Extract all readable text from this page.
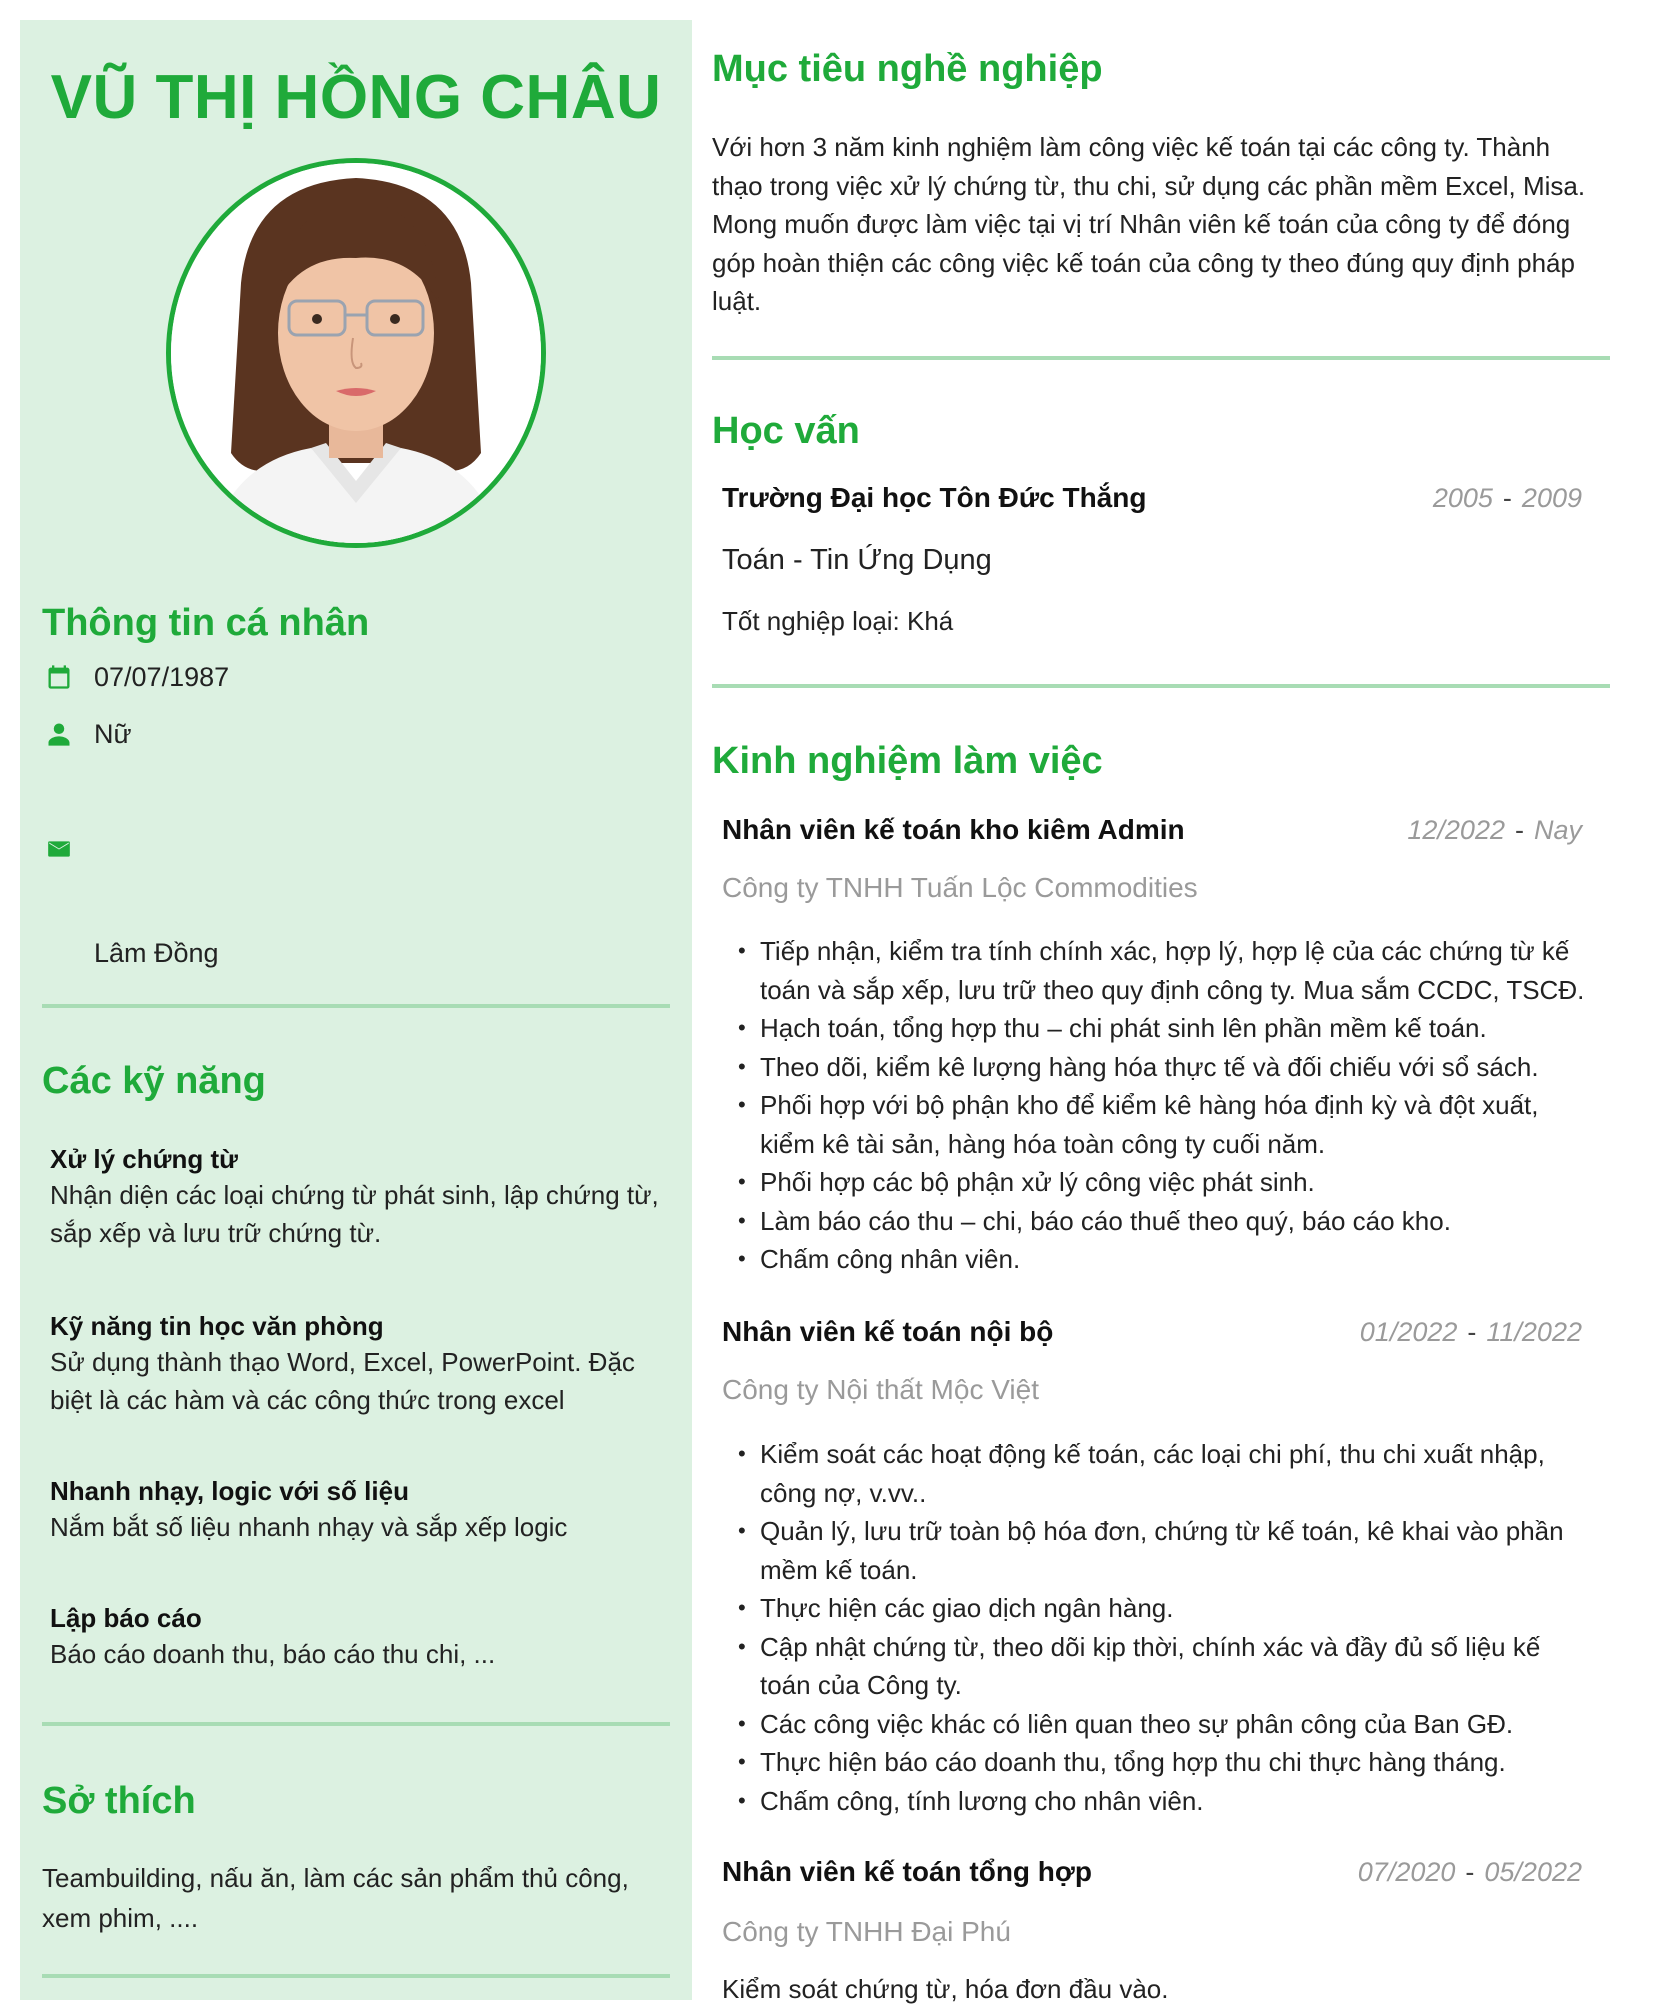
VŨ THỊ HỒNG CHÂU
Thông tin cá nhân
07/07/1987
Nữ
Lâm Đồng
Các kỹ năng
Xử lý chứng từ
Nhận diện các loại chứng từ phát sinh, lập chứng từ, sắp xếp và lưu trữ chứng từ.
Kỹ năng tin học văn phòng
Sử dụng thành thạo Word, Excel, PowerPoint. Đặc biệt là các hàm và các công thức trong excel
Nhanh nhạy, logic với số liệu
Nắm bắt số liệu nhanh nhạy và sắp xếp logic
Lập báo cáo
Báo cáo doanh thu, báo cáo thu chi, ...
Sở thích
Teambuilding, nấu ăn, làm các sản phẩm thủ công, xem phim, ....
Mục tiêu nghề nghiệp
Với hơn 3 năm kinh nghiệm làm công việc kế toán tại các công ty. Thành thạo trong việc xử lý chứng từ, thu chi, sử dụng các phần mềm Excel, Misa. Mong muốn được làm việc tại vị trí Nhân viên kế toán của công ty để đóng góp hoàn thiện các công việc kế toán của công ty theo đúng quy định pháp luật.
Học vấn
Trường Đại học Tôn Đức Thắng	2005 - 2009
Toán - Tin Ứng Dụng
Tốt nghiệp loại: Khá
Kinh nghiệm làm việc
Nhân viên kế toán kho kiêm Admin	12/2022 - Nay
Công ty TNHH Tuấn Lộc Commodities
• Tiếp nhận, kiểm tra tính chính xác, hợp lý, hợp lệ của các chứng từ kế toán và sắp xếp, lưu trữ theo quy định công ty. Mua sắm CCDC, TSCĐ.
• Hạch toán, tổng hợp thu – chi phát sinh lên phần mềm kế toán.
• Theo dõi, kiểm kê lượng hàng hóa thực tế và đối chiếu với sổ sách.
• Phối hợp với bộ phận kho để kiểm kê hàng hóa định kỳ và đột xuất, kiểm kê tài sản, hàng hóa toàn công ty cuối năm.
• Phối hợp các bộ phận xử lý công việc phát sinh.
• Làm báo cáo thu – chi, báo cáo thuế theo quý, báo cáo kho.
• Chấm công nhân viên.
Nhân viên kế toán nội bộ	01/2022 - 11/2022
Công ty Nội thất Mộc Việt
• Kiểm soát các hoạt động kế toán, các loại chi phí, thu chi xuất nhập, công nợ, v.vv..
• Quản lý, lưu trữ toàn bộ hóa đơn, chứng từ kế toán, kê khai vào phần mềm kế toán.
• Thực hiện các giao dịch ngân hàng.
• Cập nhật chứng từ, theo dõi kịp thời, chính xác và đầy đủ số liệu kế toán của Công ty.
• Các công việc khác có liên quan theo sự phân công của Ban GĐ.
• Thực hiện báo cáo doanh thu, tổng hợp thu chi thực hàng tháng.
• Chấm công, tính lương cho nhân viên.
Nhân viên kế toán tổng hợp	07/2020 - 05/2022
Công ty TNHH Đại Phú
Kiểm soát chứng từ, hóa đơn đầu vào.
